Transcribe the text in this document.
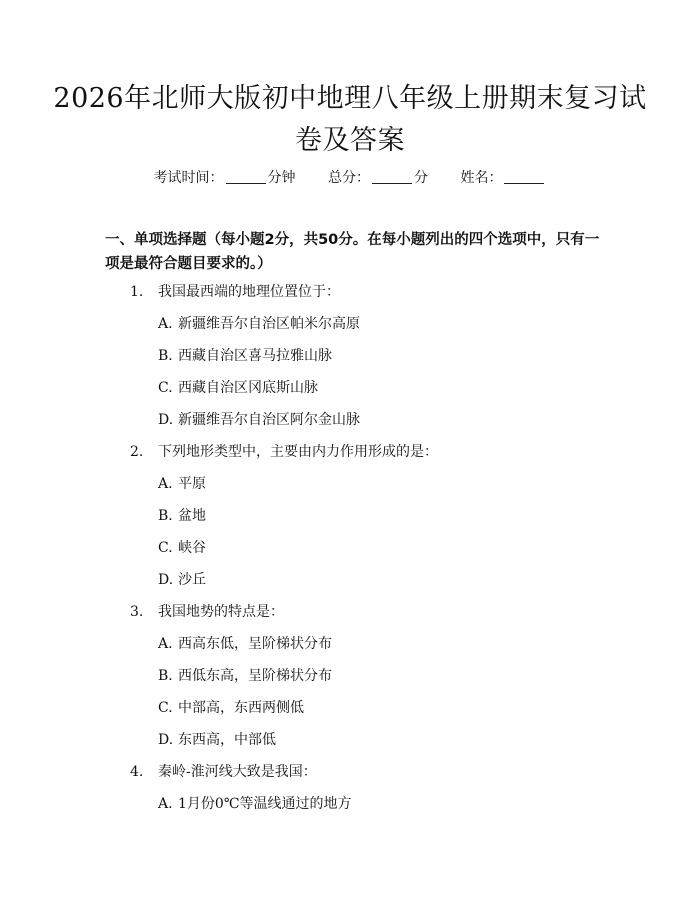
2026年北师大版初中地理八年级上册期末复习试卷及答案
考试时间：	分钟 总分：	分 姓名：
一、单项选择题（每小题2分，共50分。在每小题列出的四个选项中，只有一项是最符合题目要求的。）
1. 我国最西端的地理位置位于：
A. 新疆维吾尔自治区帕米尔高原
B. 西藏自治区喜马拉雅山脉
C. 西藏自治区冈底斯山脉
D. 新疆维吾尔自治区阿尔金山脉
2. 下列地形类型中，主要由内力作用形成的是：
A. 平原
B. 盆地
C. 峡谷
D. 沙丘
3. 我国地势的特点是：
A. 西高东低，呈阶梯状分布
B. 西低东高，呈阶梯状分布
C. 中部高，东西两侧低
D. 东西高，中部低
4. 秦岭-淮河线大致是我国：
A. 1月份0℃等温线通过的地方
